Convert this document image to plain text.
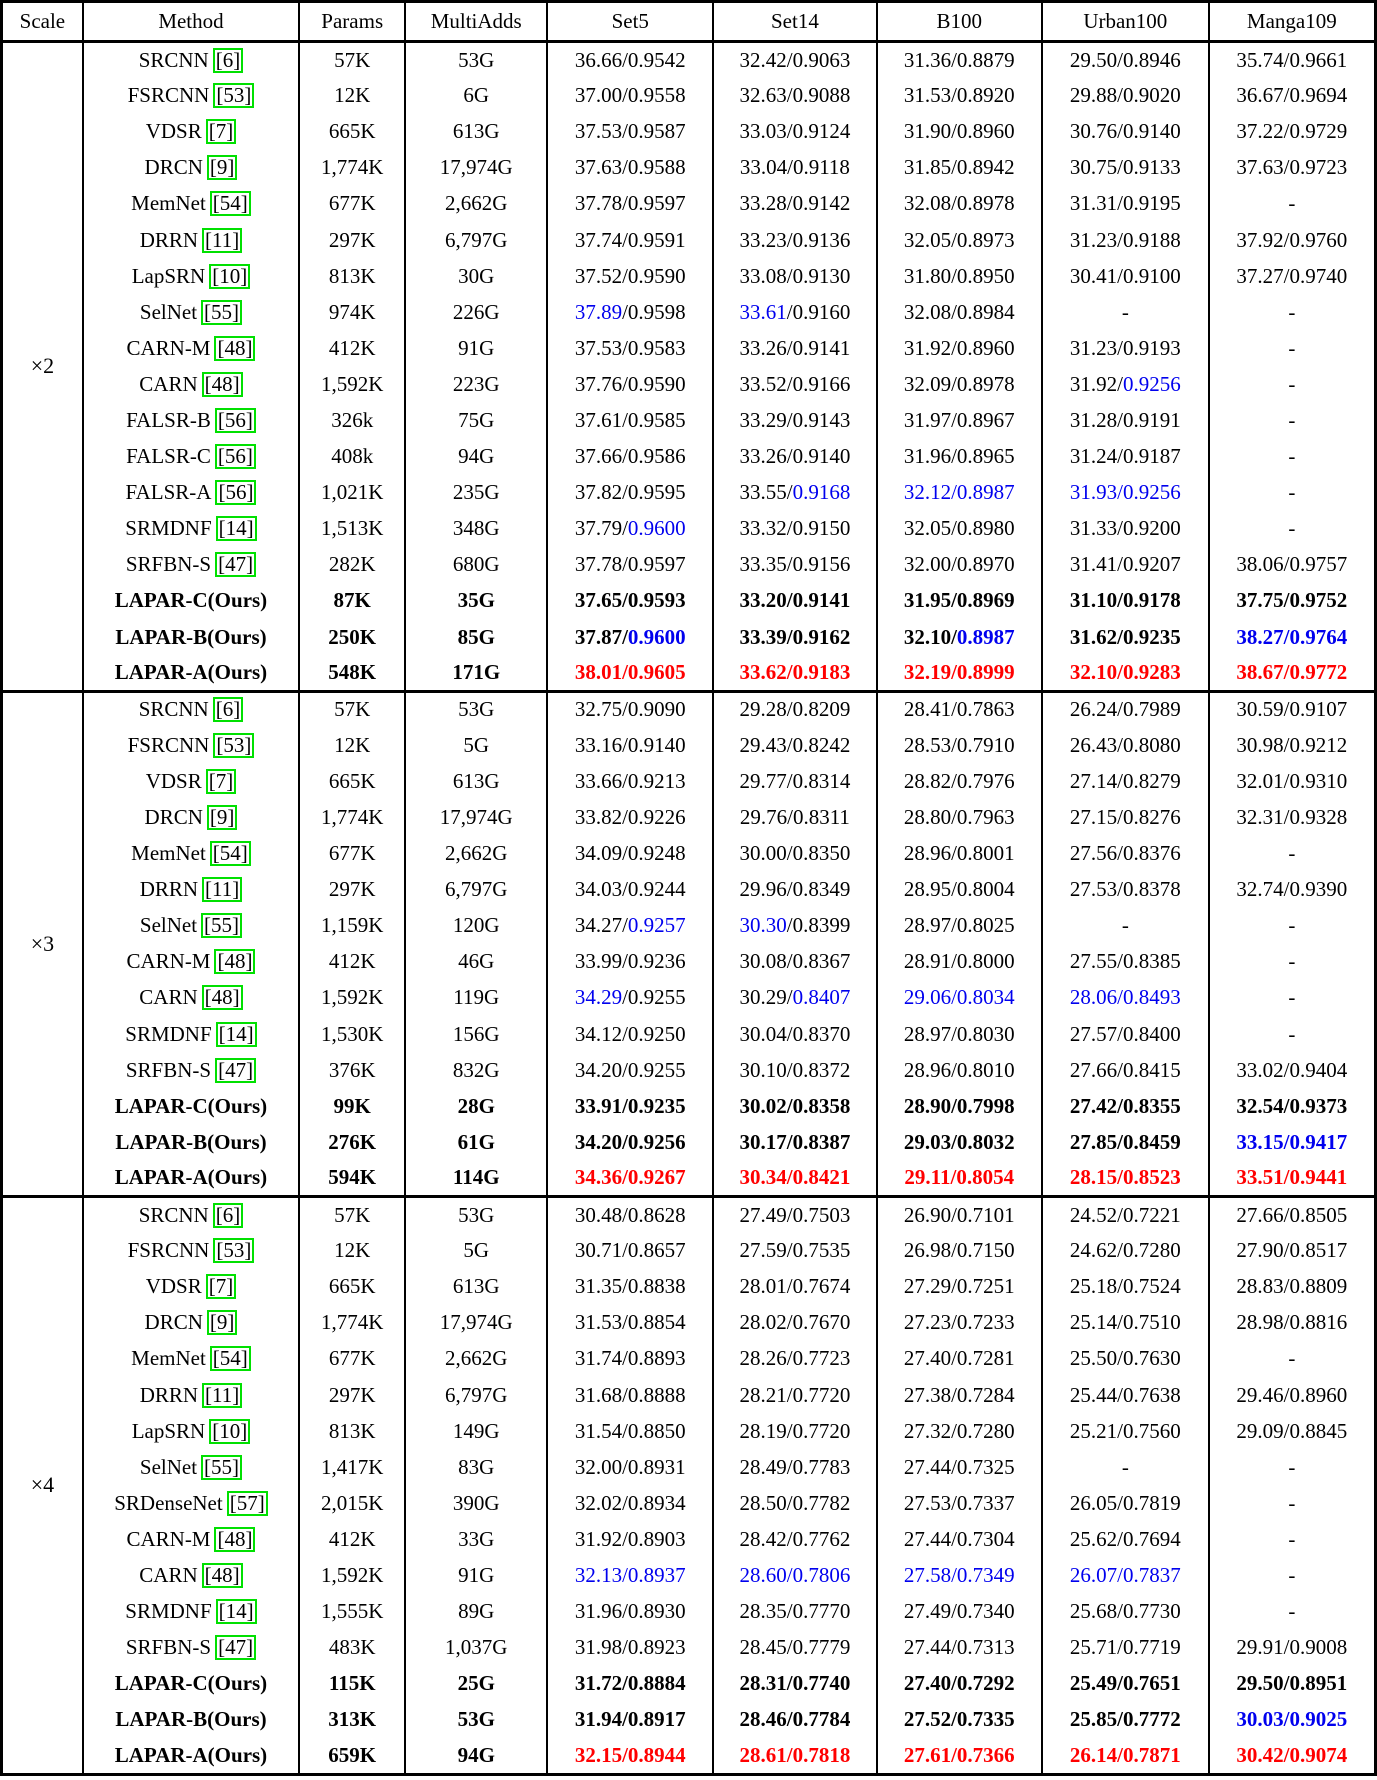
Scale	Method	Params	MultiAdds	Set5	Set14	B100	Urban100	Manga109
×2	SRCNN [6]	57K	53G	36.66/0.9542	32.42/0.9063	31.36/0.8879	29.50/0.8946	35.74/0.9661
	FSRCNN [53]	12K	6G	37.00/0.9558	32.63/0.9088	31.53/0.8920	29.88/0.9020	36.67/0.9694
	VDSR [7]	665K	613G	37.53/0.9587	33.03/0.9124	31.90/0.8960	30.76/0.9140	37.22/0.9729
	DRCN [9]	1,774K	17,974G	37.63/0.9588	33.04/0.9118	31.85/0.8942	30.75/0.9133	37.63/0.9723
	MemNet [54]	677K	2,662G	37.78/0.9597	33.28/0.9142	32.08/0.8978	31.31/0.9195	-
	DRRN [11]	297K	6,797G	37.74/0.9591	33.23/0.9136	32.05/0.8973	31.23/0.9188	37.92/0.9760
	LapSRN [10]	813K	30G	37.52/0.9590	33.08/0.9130	31.80/0.8950	30.41/0.9100	37.27/0.9740
	SelNet [55]	974K	226G	37.89/0.9598	33.61/0.9160	32.08/0.8984	-	-
	CARN-M [48]	412K	91G	37.53/0.9583	33.26/0.9141	31.92/0.8960	31.23/0.9193	-
	CARN [48]	1,592K	223G	37.76/0.9590	33.52/0.9166	32.09/0.8978	31.92/0.9256	-
	FALSR-B [56]	326k	75G	37.61/0.9585	33.29/0.9143	31.97/0.8967	31.28/0.9191	-
	FALSR-C [56]	408k	94G	37.66/0.9586	33.26/0.9140	31.96/0.8965	31.24/0.9187	-
	FALSR-A [56]	1,021K	235G	37.82/0.9595	33.55/0.9168	32.12/0.8987	31.93/0.9256	-
	SRMDNF [14]	1,513K	348G	37.79/0.9600	33.32/0.9150	32.05/0.8980	31.33/0.9200	-
	SRFBN-S [47]	282K	680G	37.78/0.9597	33.35/0.9156	32.00/0.8970	31.41/0.9207	38.06/0.9757
	LAPAR-C(Ours)	87K	35G	37.65/0.9593	33.20/0.9141	31.95/0.8969	31.10/0.9178	37.75/0.9752
	LAPAR-B(Ours)	250K	85G	37.87/0.9600	33.39/0.9162	32.10/0.8987	31.62/0.9235	38.27/0.9764
	LAPAR-A(Ours)	548K	171G	38.01/0.9605	33.62/0.9183	32.19/0.8999	32.10/0.9283	38.67/0.9772
×3	SRCNN [6]	57K	53G	32.75/0.9090	29.28/0.8209	28.41/0.7863	26.24/0.7989	30.59/0.9107
	FSRCNN [53]	12K	5G	33.16/0.9140	29.43/0.8242	28.53/0.7910	26.43/0.8080	30.98/0.9212
	VDSR [7]	665K	613G	33.66/0.9213	29.77/0.8314	28.82/0.7976	27.14/0.8279	32.01/0.9310
	DRCN [9]	1,774K	17,974G	33.82/0.9226	29.76/0.8311	28.80/0.7963	27.15/0.8276	32.31/0.9328
	MemNet [54]	677K	2,662G	34.09/0.9248	30.00/0.8350	28.96/0.8001	27.56/0.8376	-
	DRRN [11]	297K	6,797G	34.03/0.9244	29.96/0.8349	28.95/0.8004	27.53/0.8378	32.74/0.9390
	SelNet [55]	1,159K	120G	34.27/0.9257	30.30/0.8399	28.97/0.8025	-	-
	CARN-M [48]	412K	46G	33.99/0.9236	30.08/0.8367	28.91/0.8000	27.55/0.8385	-
	CARN [48]	1,592K	119G	34.29/0.9255	30.29/0.8407	29.06/0.8034	28.06/0.8493	-
	SRMDNF [14]	1,530K	156G	34.12/0.9250	30.04/0.8370	28.97/0.8030	27.57/0.8400	-
	SRFBN-S [47]	376K	832G	34.20/0.9255	30.10/0.8372	28.96/0.8010	27.66/0.8415	33.02/0.9404
	LAPAR-C(Ours)	99K	28G	33.91/0.9235	30.02/0.8358	28.90/0.7998	27.42/0.8355	32.54/0.9373
	LAPAR-B(Ours)	276K	61G	34.20/0.9256	30.17/0.8387	29.03/0.8032	27.85/0.8459	33.15/0.9417
	LAPAR-A(Ours)	594K	114G	34.36/0.9267	30.34/0.8421	29.11/0.8054	28.15/0.8523	33.51/0.9441
×4	SRCNN [6]	57K	53G	30.48/0.8628	27.49/0.7503	26.90/0.7101	24.52/0.7221	27.66/0.8505
	FSRCNN [53]	12K	5G	30.71/0.8657	27.59/0.7535	26.98/0.7150	24.62/0.7280	27.90/0.8517
	VDSR [7]	665K	613G	31.35/0.8838	28.01/0.7674	27.29/0.7251	25.18/0.7524	28.83/0.8809
	DRCN [9]	1,774K	17,974G	31.53/0.8854	28.02/0.7670	27.23/0.7233	25.14/0.7510	28.98/0.8816
	MemNet [54]	677K	2,662G	31.74/0.8893	28.26/0.7723	27.40/0.7281	25.50/0.7630	-
	DRRN [11]	297K	6,797G	31.68/0.8888	28.21/0.7720	27.38/0.7284	25.44/0.7638	29.46/0.8960
	LapSRN [10]	813K	149G	31.54/0.8850	28.19/0.7720	27.32/0.7280	25.21/0.7560	29.09/0.8845
	SelNet [55]	1,417K	83G	32.00/0.8931	28.49/0.7783	27.44/0.7325	-	-
	SRDenseNet [57]	2,015K	390G	32.02/0.8934	28.50/0.7782	27.53/0.7337	26.05/0.7819	-
	CARN-M [48]	412K	33G	31.92/0.8903	28.42/0.7762	27.44/0.7304	25.62/0.7694	-
	CARN [48]	1,592K	91G	32.13/0.8937	28.60/0.7806	27.58/0.7349	26.07/0.7837	-
	SRMDNF [14]	1,555K	89G	31.96/0.8930	28.35/0.7770	27.49/0.7340	25.68/0.7730	-
	SRFBN-S [47]	483K	1,037G	31.98/0.8923	28.45/0.7779	27.44/0.7313	25.71/0.7719	29.91/0.9008
	LAPAR-C(Ours)	115K	25G	31.72/0.8884	28.31/0.7740	27.40/0.7292	25.49/0.7651	29.50/0.8951
	LAPAR-B(Ours)	313K	53G	31.94/0.8917	28.46/0.7784	27.52/0.7335	25.85/0.7772	30.03/0.9025
	LAPAR-A(Ours)	659K	94G	32.15/0.8944	28.61/0.7818	27.61/0.7366	26.14/0.7871	30.42/0.9074
